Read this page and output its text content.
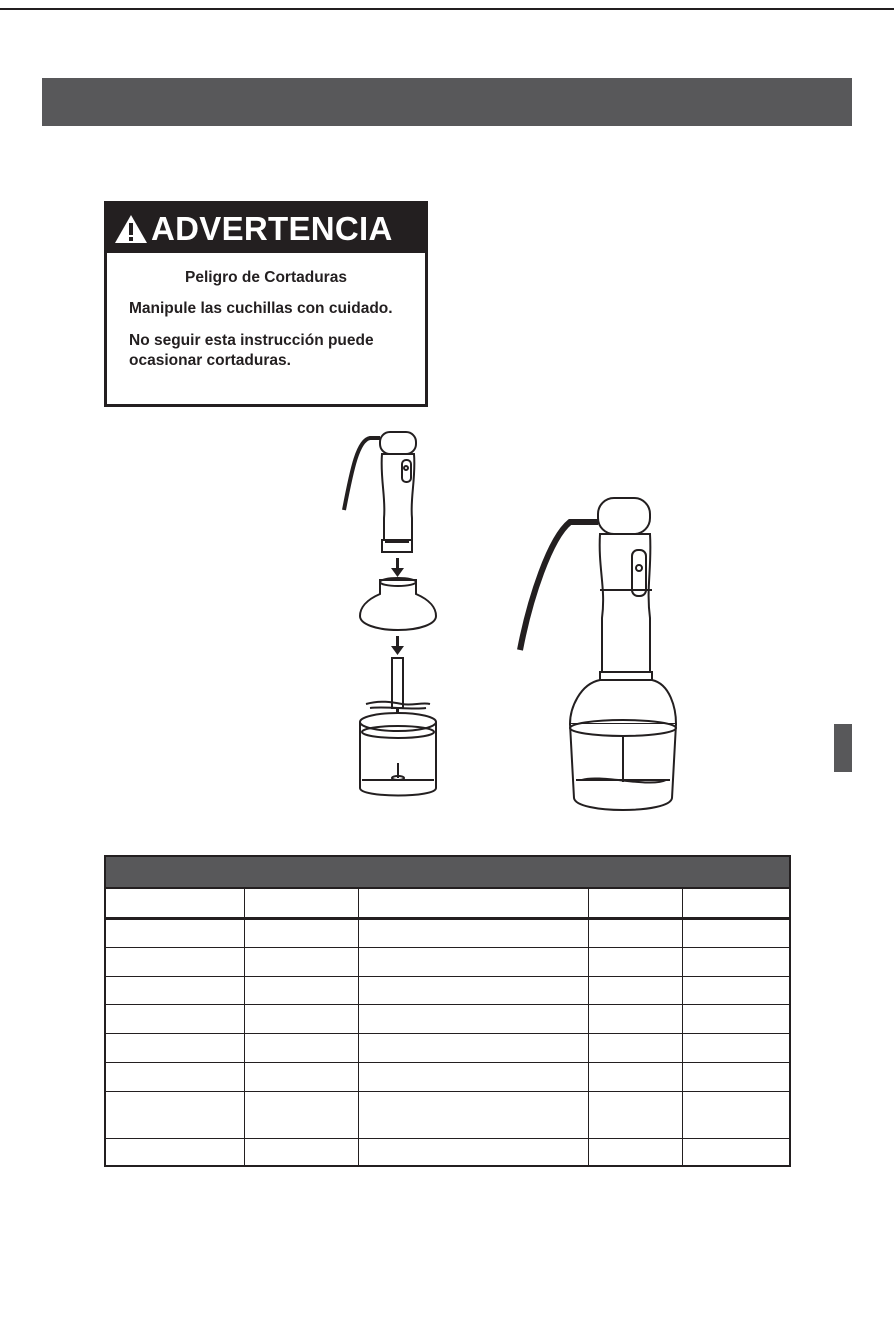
ADVERTENCIA
Peligro de Cortaduras
Manipule las cuchillas con cuidado.
No seguir esta instrucción puede ocasionar cortaduras.
